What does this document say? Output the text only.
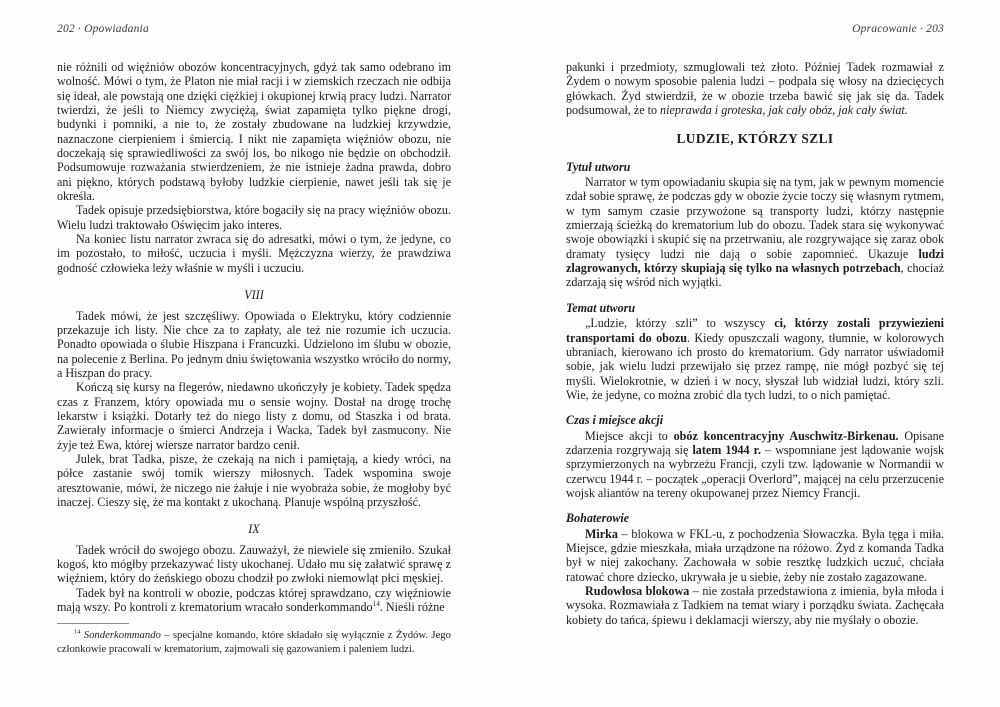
202 · Opowiadania

nie różnili od więźniów obozów koncentracyjnych, gdyż tak samo odebrano im wolność. Mówi o tym, że Platon nie miał racji i w ziemskich rzeczach nie odbija się ideał, ale powstają one dzięki ciężkiej i okupionej krwią pracy ludzi. Narrator twierdzi, że jeśli to Niemcy zwyciężą, świat zapamięta tylko piękne drogi, budynki i pomniki, a nie to, że zostały zbudowane na ludzkiej krzywdzie, naznaczone cierpieniem i śmiercią. I nikt nie zapamięta więźniów obozu, nie doczekają się sprawiedliwości za swój los, bo nikogo nie będzie on obchodził. Podsumowuje rozważania stwierdzeniem, że nie istnieje żadna prawda, dobro ani piękno, których podstawą byłoby ludzkie cierpienie, nawet jeśli tak się je określa.

Tadek opisuje przedsiębiorstwa, które bogaciły się na pracy więźniów obozu. Wielu ludzi traktowało Oświęcim jako interes.

Na koniec listu narrator zwraca się do adresatki, mówi o tym, że jedyne, co im pozostało, to miłość, uczucia i myśli. Mężczyzna wierzy, że prawdziwa godność człowieka leży właśnie w myśli i uczuciu.

VIII

Tadek mówi, że jest szczęśliwy. Opowiada o Elektryku, który codziennie przekazuje ich listy. Nie chce za to zapłaty, ale też nie rozumie ich uczucia. Ponadto opowiada o ślubie Hiszpana i Francuzki. Udzielono im ślubu w obozie, na polecenie z Berlina. Po jednym dniu świętowania wszystko wróciło do normy, a Hiszpan do pracy.

Kończą się kursy na flegerów, niedawno ukończyły je kobiety. Tadek spędza czas z Franzem, który opowiada mu o sensie wojny. Dostał na drogę trochę lekarstw i książki. Dotarły też do niego listy z domu, od Staszka i od brata. Zawierały informacje o śmierci Andrzeja i Wacka, Tadek był zasmucony. Nie żyje też Ewa, której wiersze narrator bardzo cenił.

Julek, brat Tadka, pisze, że czekają na nich i pamiętają, a kiedy wróci, na półce zastanie swój tomik wierszy miłosnych. Tadek wspomina swoje aresztowanie, mówi, że niczego nie żałuje i nie wyobraża sobie, że mogłoby być inaczej. Cieszy się, że ma kontakt z ukochaną. Planuje wspólną przyszłość.

IX

Tadek wrócił do swojego obozu. Zauważył, że niewiele się zmieniło. Szukał kogoś, kto mógłby przekazywać listy ukochanej. Udało mu się załatwić sprawę z więźniem, który do żeńskiego obozu chodził po zwłoki niemowląt płci męskiej.

Tadek był na kontroli w obozie, podczas której sprawdzano, czy więźniowie mają wszy. Po kontroli z krematorium wracało sonderkommando$^{14}$. Nieśli różne

$^{14}$ Sonderkommando – specjalne komando, które składało się wyłącznie z Żydów. Jego członkowie pracowali w krematorium, zajmowali się gazowaniem i paleniem ludzi.

Opracowanie · 203

pakunki i przedmioty, szmuglowali też złoto. Później Tadek rozmawiał z Żydem o nowym sposobie palenia ludzi – podpala się włosy na dziecięcych główkach. Żyd stwierdził, że w obozie trzeba bawić się jak się da. Tadek podsumował, że to nieprawda i groteska, jak cały obóz, jak cały świat.

LUDZIE, KTÓRZY SZLI

Tytuł utworu

Narrator w tym opowiadaniu skupia się na tym, jak w pewnym momencie zdał sobie sprawę, że podczas gdy w obozie życie toczy się własnym rytmem, w tym samym czasie przywożone są transporty ludzi, którzy następnie zmierzają ścieżką do krematorium lub do obozu. Tadek stara się wykonywać swoje obowiązki i skupić się na przetrwaniu, ale rozgrywające się zaraz obok dramaty tysięcy ludzi nie dają o sobie zapomnieć. Ukazuje ludzi zlagrowanych, którzy skupiają się tylko na własnych potrzebach, chociaż zdarzają się wśród nich wyjątki.

Temat utworu

„Ludzie, którzy szli” to wszyscy ci, którzy zostali przywiezieni transportami do obozu. Kiedy opuszczali wagony, tłumnie, w kolorowych ubraniach, kierowano ich prosto do krematorium. Gdy narrator uświadomił sobie, jak wielu ludzi przewijało się przez rampę, nie mógł pozbyć się tej myśli. Wielokrotnie, w dzień i w nocy, słyszał lub widział ludzi, który szli. Wie, że jedyne, co można zrobić dla tych ludzi, to o nich pamiętać.

Czas i miejsce akcji

Miejsce akcji to obóz koncentracyjny Auschwitz-Birkenau. Opisane zdarzenia rozgrywają się latem 1944 r. – wspomniane jest lądowanie wojsk sprzymierzonych na wybrzeżu Francji, czyli tzw. lądowanie w Normandii w czerwcu 1944 r. – początek „operacji Overlord”, mającej na celu przerzucenie wojsk aliantów na tereny okupowanej przez Niemcy Francji.

Bohaterowie

Mirka – blokowa w FKL-u, z pochodzenia Słowaczka. Była tęga i miła. Miejsce, gdzie mieszkała, miała urządzone na różowo. Żyd z komanda Tadka był w niej zakochany. Zachowała w sobie resztkę ludzkich uczuć, chciała ratować chore dziecko, ukrywała je u siebie, żeby nie zostało zagazowane.

Rudowłosa blokowa – nie została przedstawiona z imienia, była młoda i wysoka. Rozmawiała z Tadkiem na temat wiary i porządku świata. Zachęcała kobiety do tańca, śpiewu i deklamacji wierszy, aby nie myślały o obozie.
